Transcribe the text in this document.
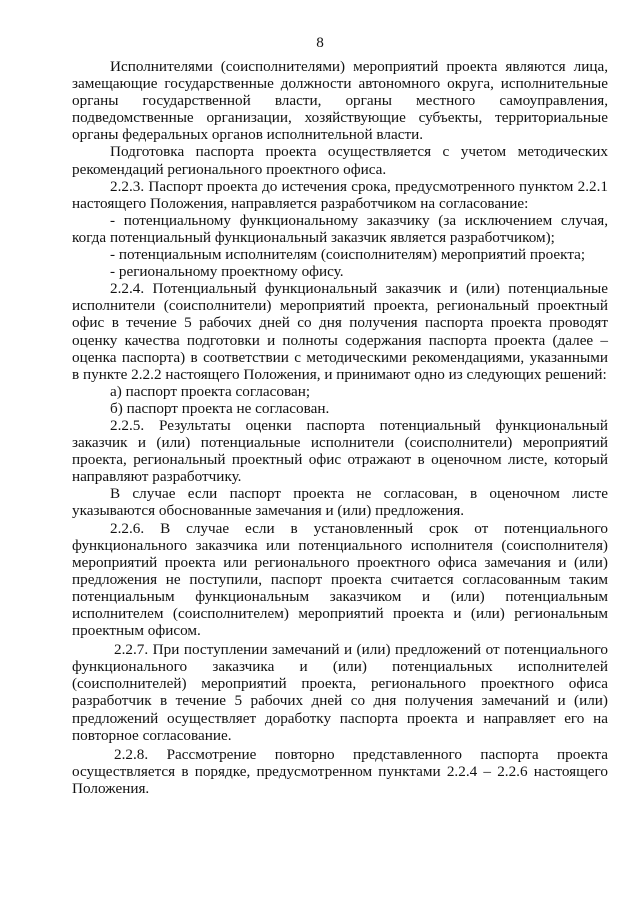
8

Исполнителями (соисполнителями) мероприятий проекта являются лица, замещающие государственные должности автономного округа, исполнительные органы государственной власти, органы местного самоуправления, подведомственные организации, хозяйствующие субъекты, территориальные органы федеральных органов исполнительной власти.

Подготовка паспорта проекта осуществляется с учетом методических рекомендаций регионального проектного офиса.

2.2.3. Паспорт проекта до истечения срока, предусмотренного пунктом 2.2.1 настоящего Положения, направляется разработчиком на согласование:

- потенциальному функциональному заказчику (за исключением случая, когда потенциальный функциональный заказчик является разработчиком);

- потенциальным исполнителям (соисполнителям) мероприятий проекта;

- региональному проектному офису.

2.2.4. Потенциальный функциональный заказчик и (или) потенциальные исполнители (соисполнители) мероприятий проекта, региональный проектный офис в течение 5 рабочих дней со дня получения паспорта проекта проводят оценку качества подготовки и полноты содержания паспорта проекта (далее – оценка паспорта) в соответствии с методическими рекомендациями, указанными в пункте 2.2.2 настоящего Положения, и принимают одно из следующих решений:

а) паспорт проекта согласован;

б) паспорт проекта не согласован.

2.2.5. Результаты оценки паспорта потенциальный функциональный заказчик и (или) потенциальные исполнители (соисполнители) мероприятий проекта, региональный проектный офис отражают в оценочном листе, который направляют разработчику.

В случае если паспорт проекта не согласован, в оценочном листе указываются обоснованные замечания и (или) предложения.

2.2.6. В случае если в установленный срок от потенциального функционального заказчика или потенциального исполнителя (соисполнителя) мероприятий проекта или регионального проектного офиса замечания и (или) предложения не поступили, паспорт проекта считается согласованным таким потенциальным функциональным заказчиком и (или) потенциальным исполнителем (соисполнителем) мероприятий проекта и (или) региональным проектным офисом.

2.2.7. При поступлении замечаний и (или) предложений от потенциального функционального заказчика и (или) потенциальных исполнителей (соисполнителей) мероприятий проекта, регионального проектного офиса разработчик в течение 5 рабочих дней со дня получения замечаний и (или) предложений осуществляет доработку паспорта проекта и направляет его на повторное согласование.

2.2.8. Рассмотрение повторно представленного паспорта проекта осуществляется в порядке, предусмотренном пунктами 2.2.4 – 2.2.6 настоящего Положения.
